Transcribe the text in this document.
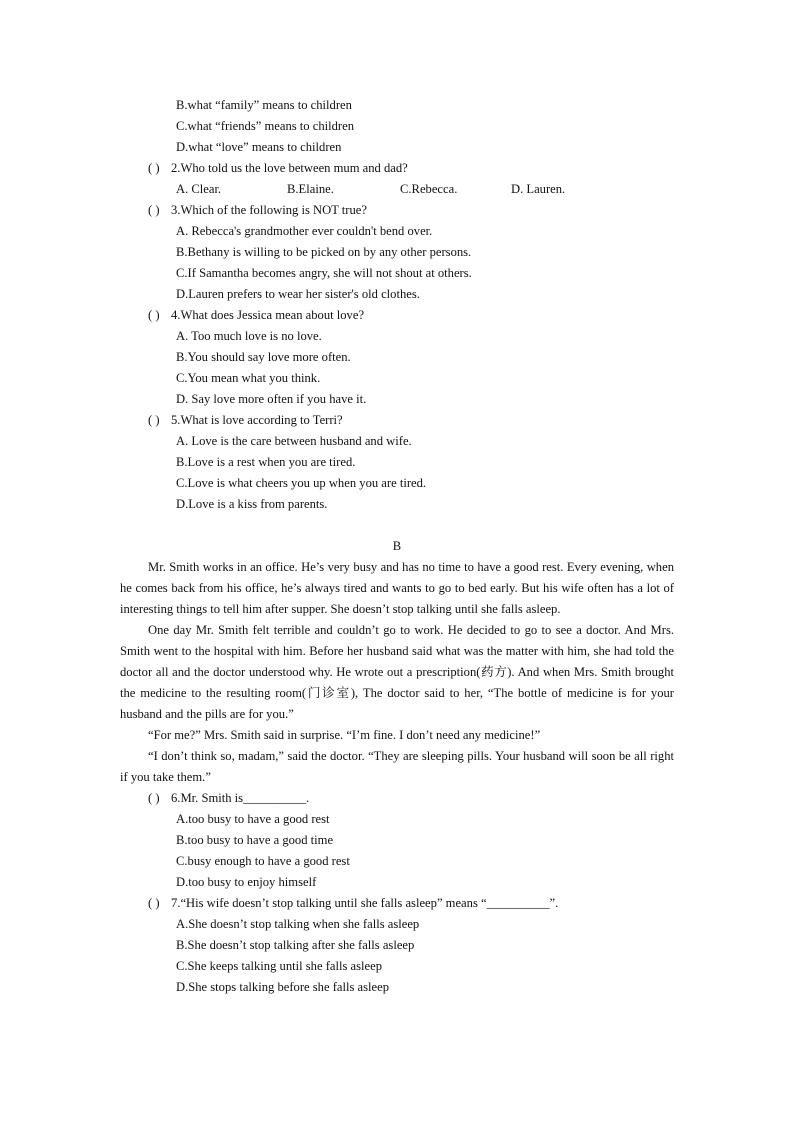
B.what “family” means to children
C.what “friends” means to children
D.what “love” means to children
( ) 2.Who told us the love between mum and dad?
A. Clear.	B.Elaine.	C.Rebecca.	D. Lauren.
( ) 3.Which of the following is NOT true?
A. Rebecca's grandmother ever couldn't bend over.
B.Bethany is willing to be picked on by any other persons.
C.If Samantha becomes angry, she will not shout at others.
D.Lauren prefers to wear her sister's old clothes.
( ) 4.What does Jessica mean about love?
A. Too much love is no love.
B.You should say love more often.
C.You mean what you think.
D. Say love more often if you have it.
( ) 5.What is love according to Terri?
A. Love is the care between husband and wife.
B.Love is a rest when you are tired.
C.Love is what cheers you up when you are tired.
D.Love is a kiss from parents.
B

Mr. Smith works in an office. He’s very busy and has no time to have a good rest. Every evening, when he comes back from his office, he’s always tired and wants to go to bed early. But his wife often has a lot of interesting things to tell him after supper. She doesn’t stop talking until she falls asleep.

One day Mr. Smith felt terrible and couldn’t go to work. He decided to go to see a doctor. And Mrs. Smith went to the hospital with him. Before her husband said what was the matter with him, she had told the doctor all and the doctor understood why. He wrote out a prescription(药方). And when Mrs. Smith brought the medicine to the resulting room(门诊室), The doctor said to her, “The bottle of medicine is for your husband and the pills are for you.”

“For me?” Mrs. Smith said in surprise. “I’m fine. I don’t need any medicine!”

“I don’t think so, madam,” said the doctor. “They are sleeping pills. Your husband will soon be all right if you take them.”

( ) 6.Mr. Smith is__________.
A.too busy to have a good rest
B.too busy to have a good time
C.busy enough to have a good rest
D.too busy to enjoy himself
( ) 7.“His wife doesn’t stop talking until she falls asleep” means “__________”.
A.She doesn’t stop talking when she falls asleep
B.She doesn’t stop talking after she falls asleep
C.She keeps talking until she falls asleep
D.She stops talking before she falls asleep
